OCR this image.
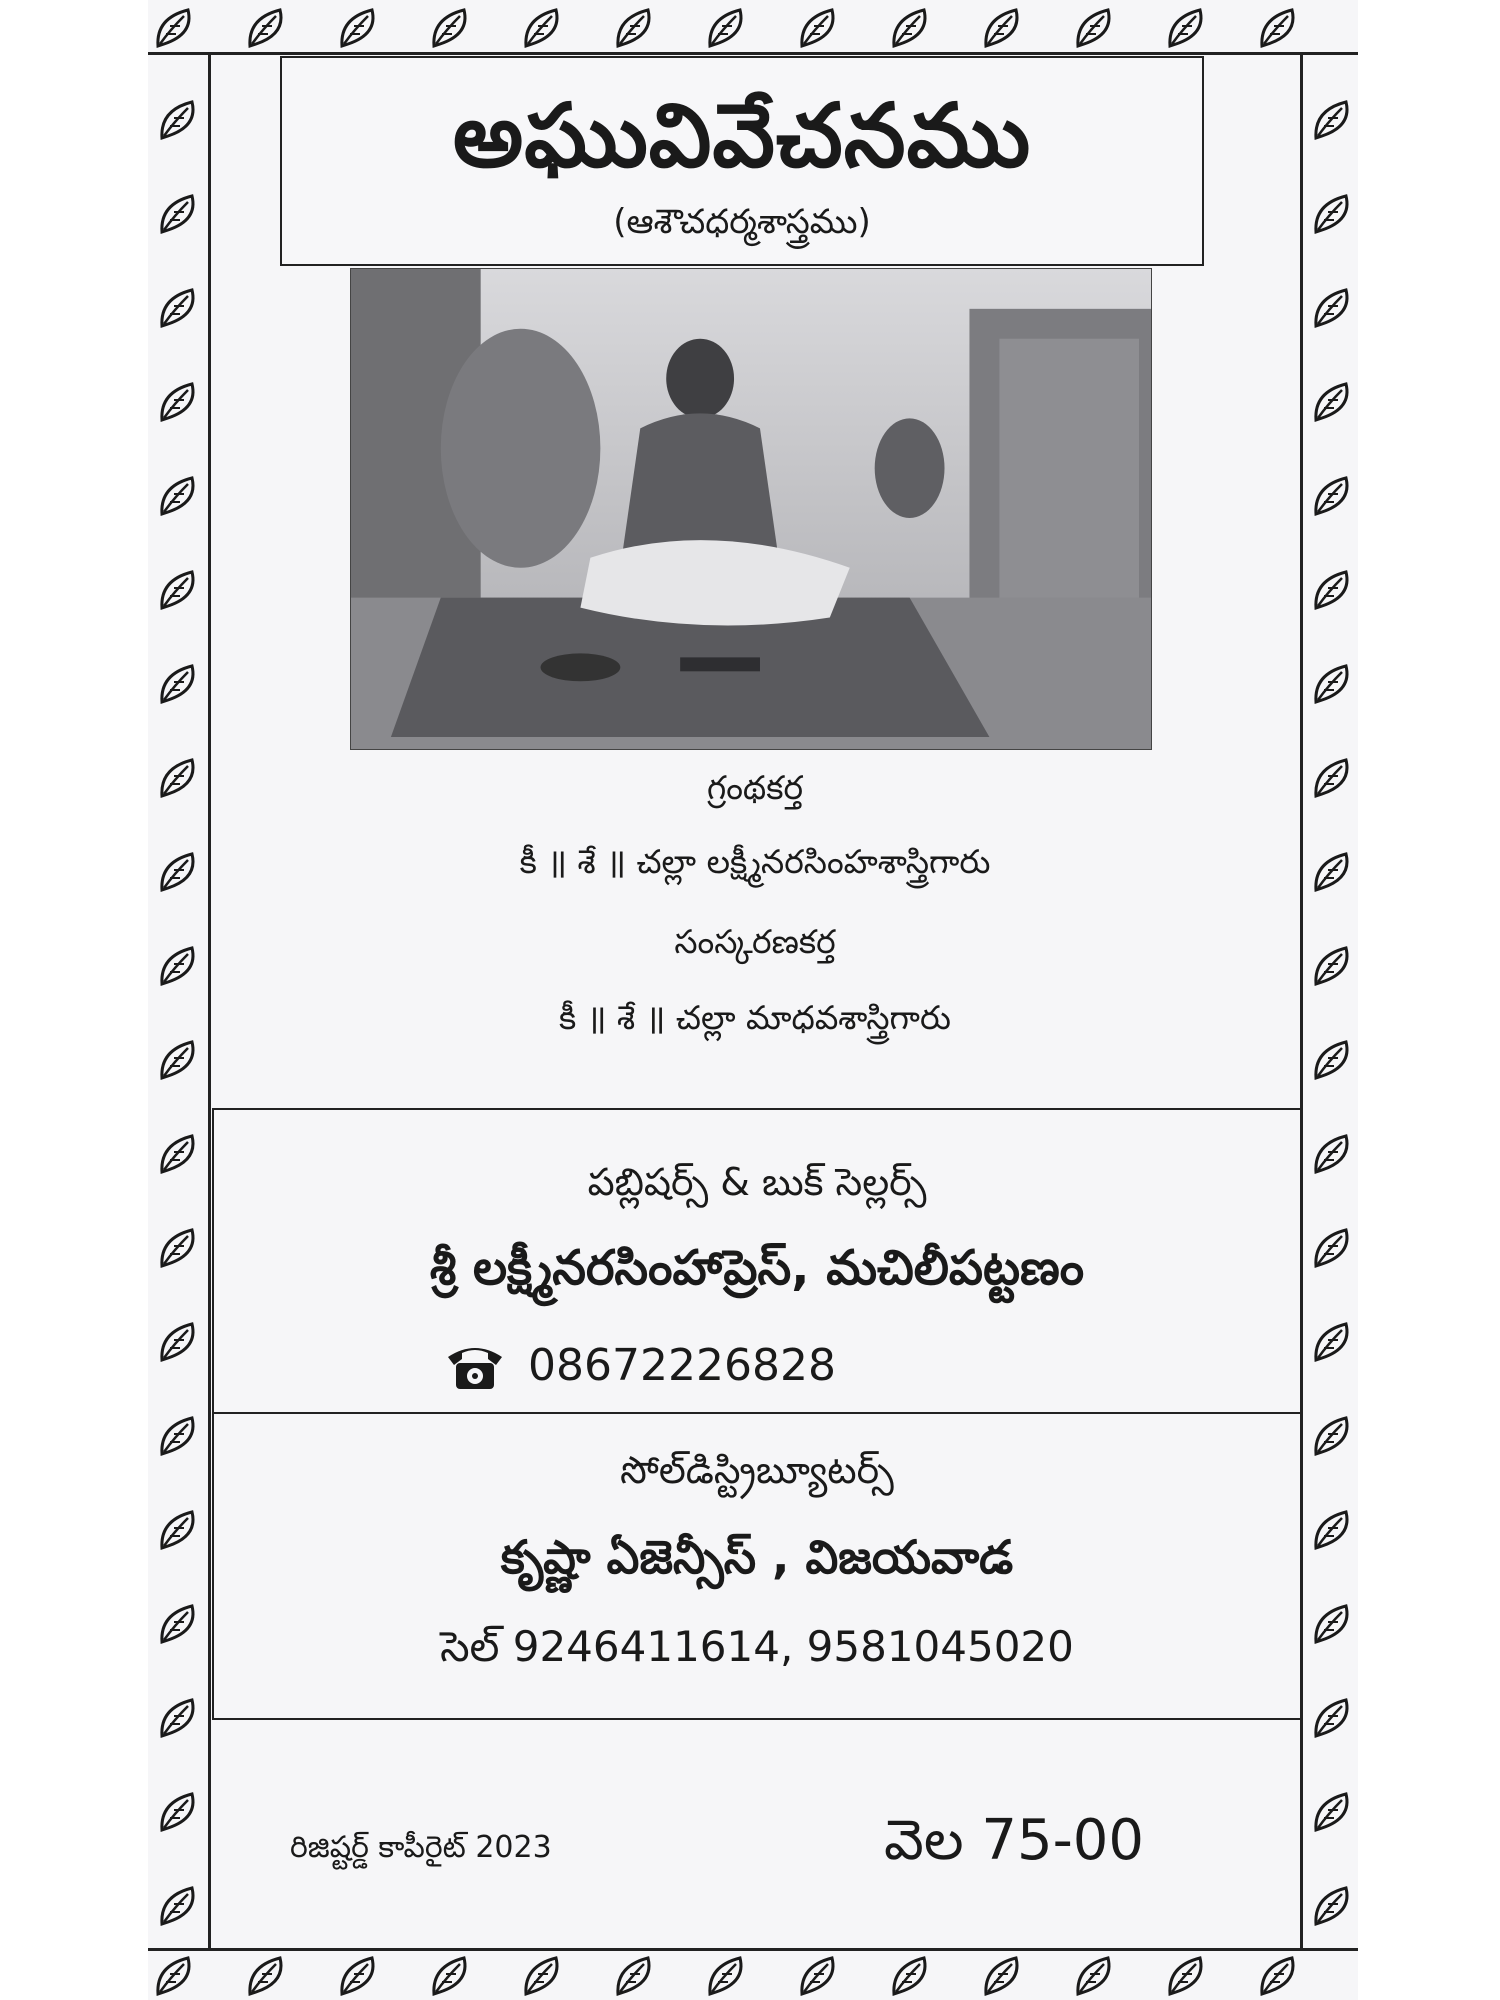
అఘువివేచనము
(ఆశౌచధర్మశాస్త్రము)
గ్రంథకర్త
కీ ॥ శే ॥ చల్లా లక్ష్మీనరసింహశాస్త్రిగారు
సంస్కరణకర్త
కీ ॥ శే ॥ చల్లా మాధవశాస్త్రిగారు
పబ్లిషర్స్ & బుక్ సెల్లర్స్
శ్రీ లక్ష్మీనరసింహాప్రెస్, మచిలీపట్టణం
08672226828
సోల్‌డిస్ట్రిబ్యూటర్స్
కృష్ణా ఏజెన్సీస్ , విజయవాడ
సెల్ 9246411614, 9581045020
రిజిష్టర్డ్ కాపీరైట్ 2023	వెల 75-00
